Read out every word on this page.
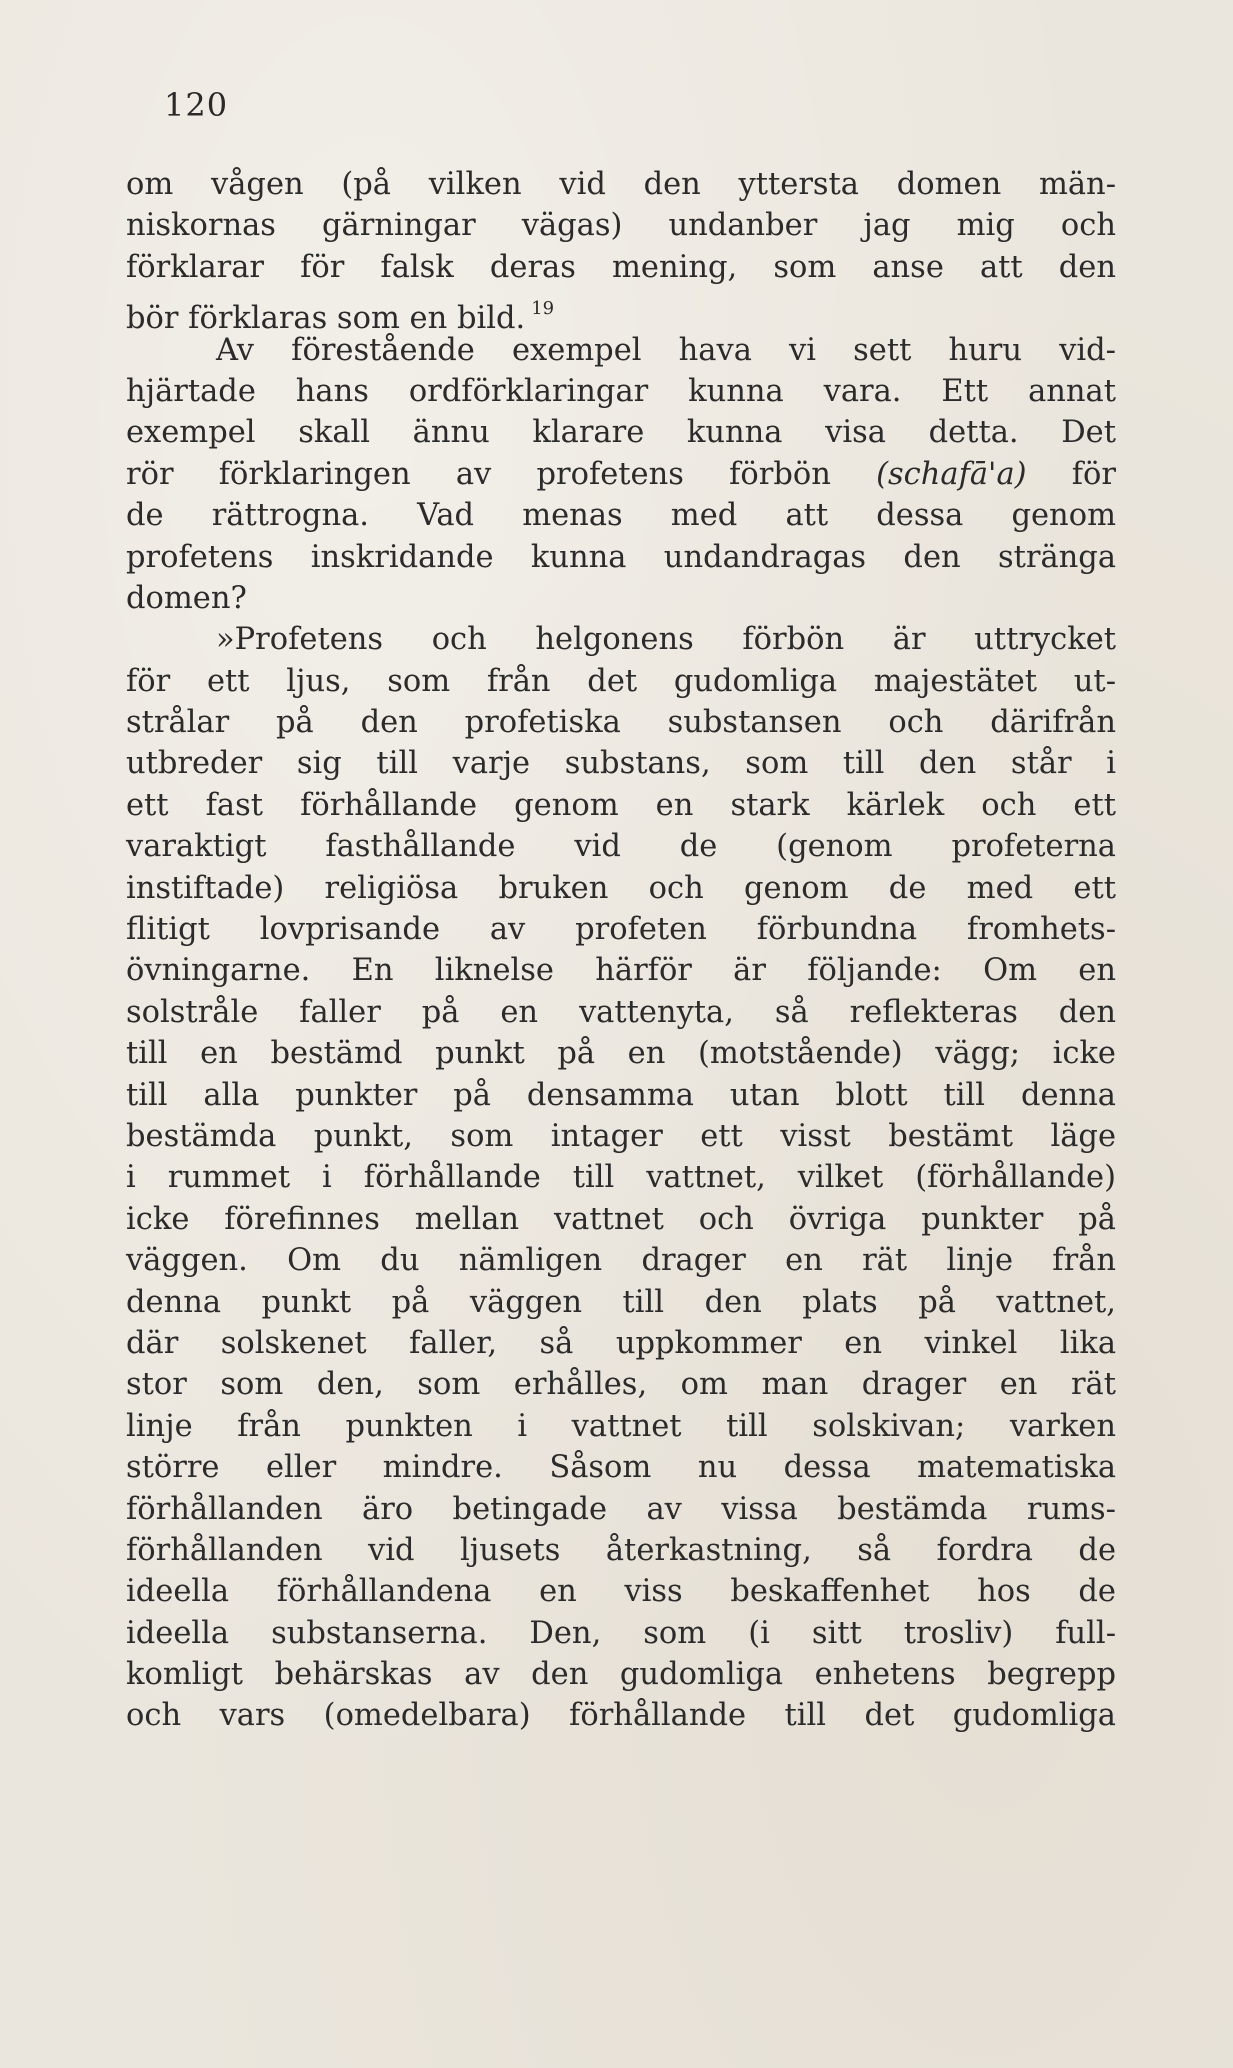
120
om vågen (på vilken vid den yttersta domen män-
niskornas gärningar vägas) undanber jag mig och
förklarar för falsk deras mening, som anse att den
bör förklaras som en bild. $^{19}$
Av förestående exempel hava vi sett huru vid-
hjärtade hans ordförklaringar kunna vara. Ett annat
exempel skall ännu klarare kunna visa detta. Det
rör förklaringen av profetens förbön (schafā'a) för
de rättrogna. Vad menas med att dessa genom
profetens inskridande kunna undandragas den stränga
domen?
»Profetens och helgonens förbön är uttrycket
för ett ljus, som från det gudomliga majestätet ut-
strålar på den profetiska substansen och därifrån
utbreder sig till varje substans, som till den står i
ett fast förhållande genom en stark kärlek och ett
varaktigt fasthållande vid de (genom profeterna
instiftade) religiösa bruken och genom de med ett
flitigt lovprisande av profeten förbundna fromhets-
övningarne. En liknelse härför är följande: Om en
solstråle faller på en vattenyta, så reflekteras den
till en bestämd punkt på en (motstående) vägg; icke
till alla punkter på densamma utan blott till denna
bestämda punkt, som intager ett visst bestämt läge
i rummet i förhållande till vattnet, vilket (förhållande)
icke förefinnes mellan vattnet och övriga punkter på
väggen. Om du nämligen drager en rät linje från
denna punkt på väggen till den plats på vattnet,
där solskenet faller, så uppkommer en vinkel lika
stor som den, som erhålles, om man drager en rät
linje från punkten i vattnet till solskivan; varken
större eller mindre. Såsom nu dessa matematiska
förhållanden äro betingade av vissa bestämda rums-
förhållanden vid ljusets återkastning, så fordra de
ideella förhållandena en viss beskaffenhet hos de
ideella substanserna. Den, som (i sitt trosliv) full-
komligt behärskas av den gudomliga enhetens begrepp
och vars (omedelbara) förhållande till det gudomliga
